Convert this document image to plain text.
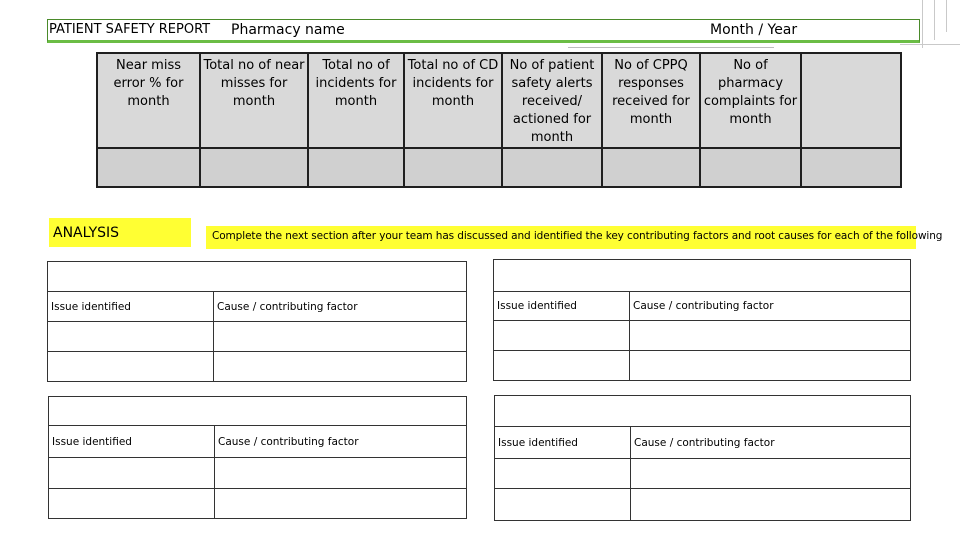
PATIENT SAFETY REPORT Pharmacy name	Month / Year
Near miss error % for month	Total no of near misses for month	Total no of incidents for month	Total no of CD incidents for month	No of patient safety alerts received/ actioned for month	No of CPPQ responses received for month	No of pharmacy complaints for month	

ANALYSIS	Complete the next section after your team has discussed and identified the key contributing factors and root causes for each of the following

Issue identified	Cause / contributing factor

		Issue identified	Cause / contributing factor

Issue identified	Cause / contributing factor

		Issue identified	Cause / contributing factor
